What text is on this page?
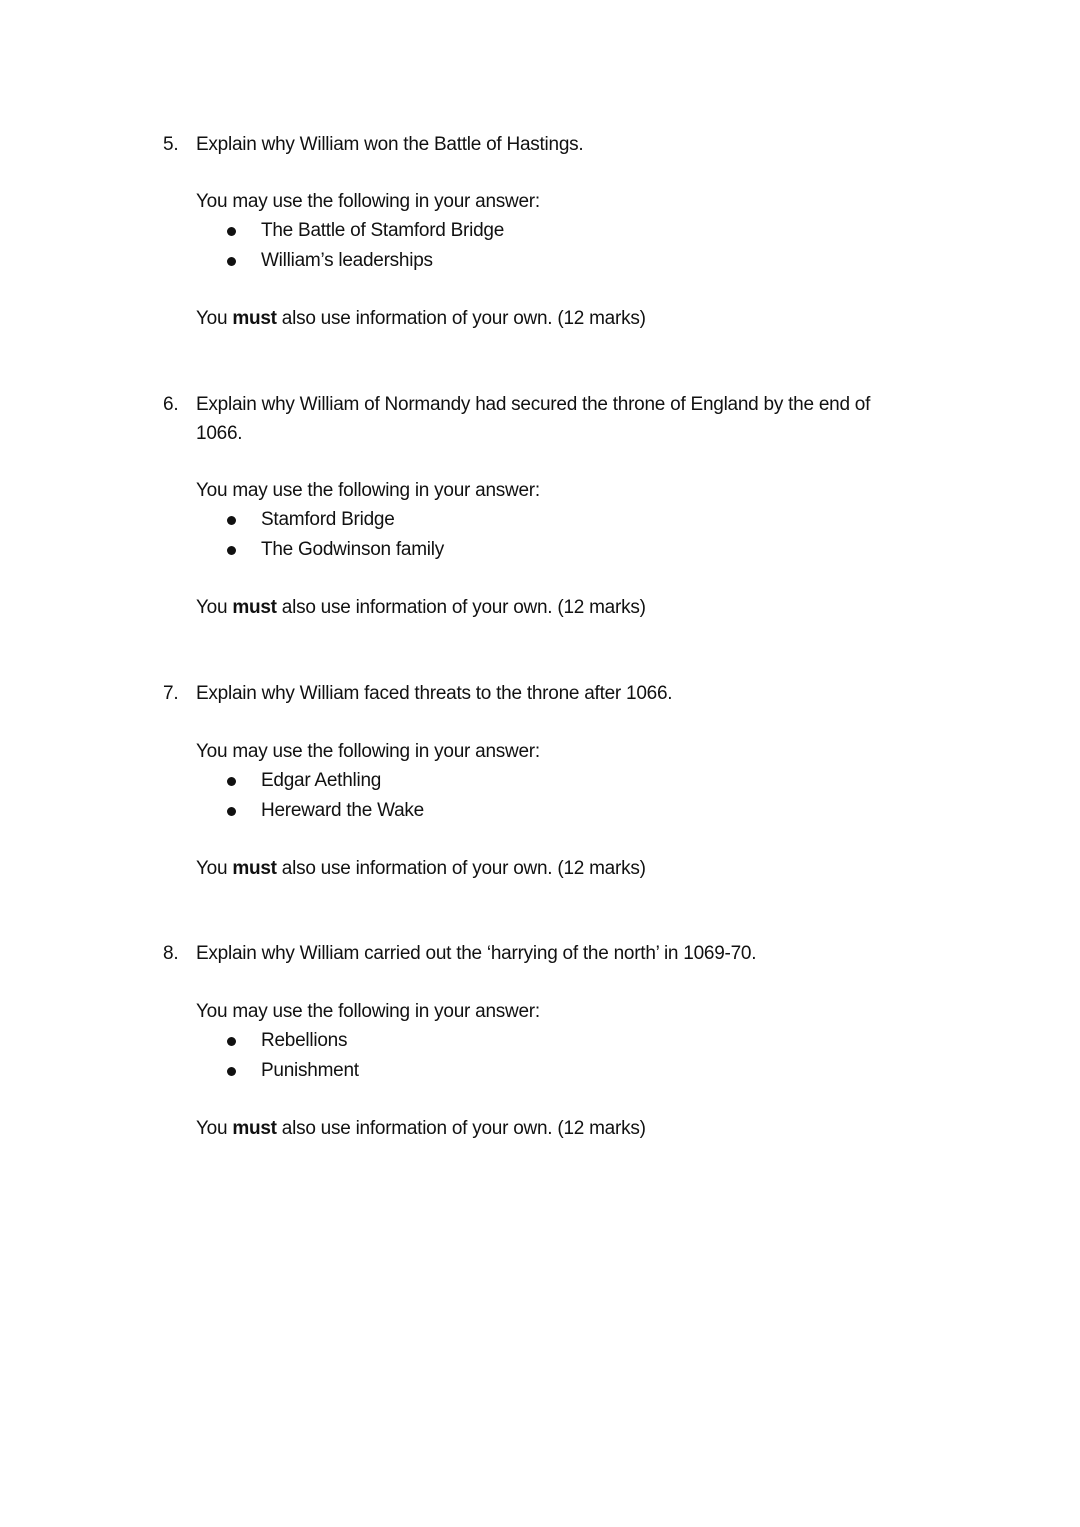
5. Explain why William won the Battle of Hastings.
You may use the following in your answer:
The Battle of Stamford Bridge
William’s leaderships
You must also use information of your own. (12 marks)
6. Explain why William of Normandy had secured the throne of England by the end of
1066.
You may use the following in your answer:
Stamford Bridge
The Godwinson family
You must also use information of your own. (12 marks)
7. Explain why William faced threats to the throne after 1066.
You may use the following in your answer:
Edgar Aethling
Hereward the Wake
You must also use information of your own. (12 marks)
8. Explain why William carried out the ‘harrying of the north’ in 1069-70.
You may use the following in your answer:
Rebellions
Punishment
You must also use information of your own. (12 marks)
